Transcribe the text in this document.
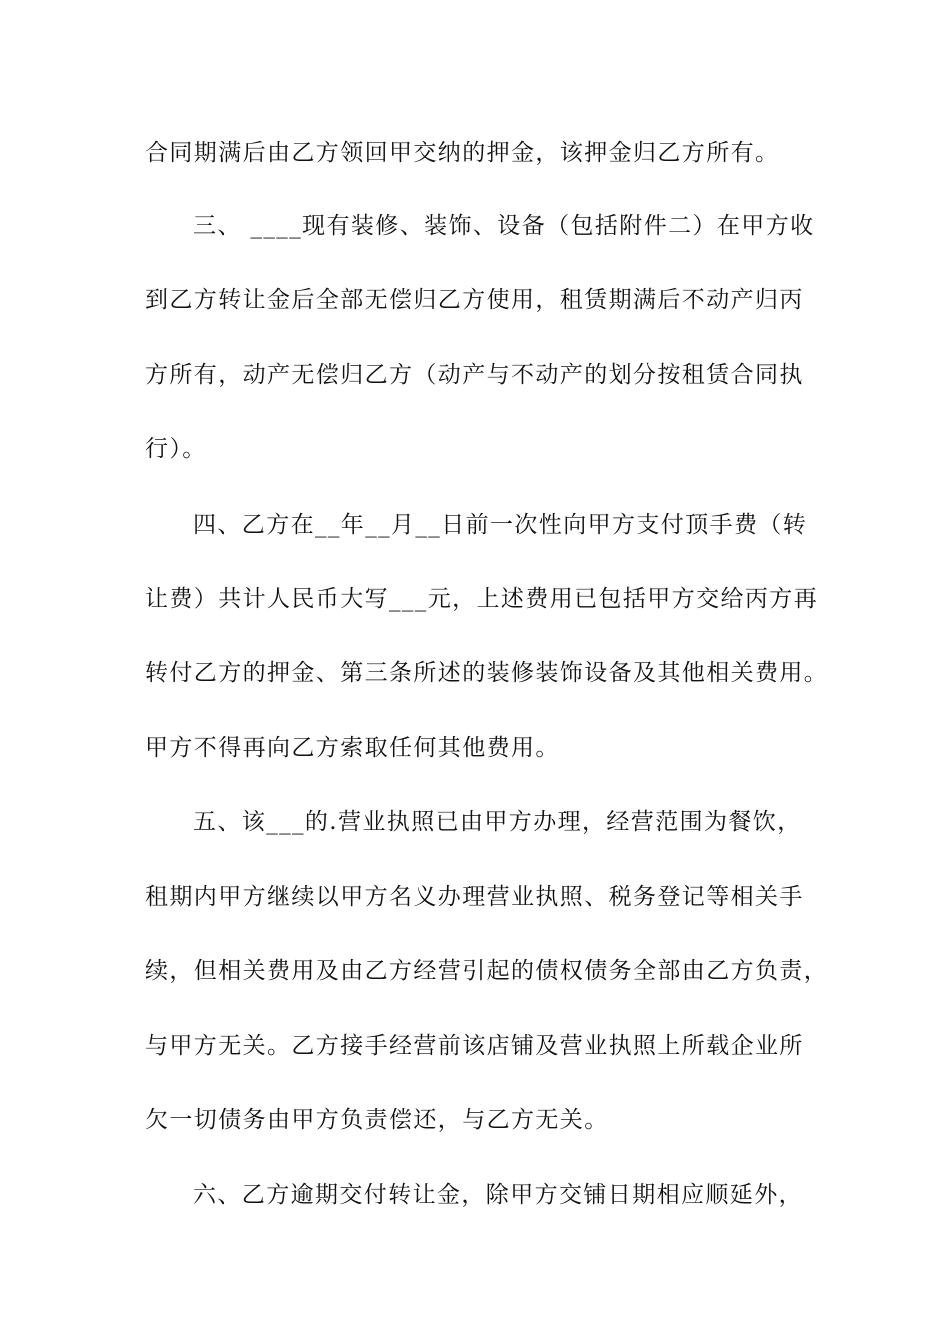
合同期满后由乙方领回甲交纳的押金，该押金归乙方所有。
三、 ____现有装修、装饰、设备（包括附件二）在甲方收
到乙方转让金后全部无偿归乙方使用，租赁期满后不动产归丙
方所有，动产无偿归乙方（动产与不动产的划分按租赁合同执
行）。
四、乙方在__年__月__日前一次性向甲方支付顶手费（转
让费）共计人民币大写___元，上述费用已包括甲方交给丙方再
转付乙方的押金、第三条所述的装修装饰设备及其他相关费用。
甲方不得再向乙方索取任何其他费用。
五、该___的.营业执照已由甲方办理，经营范围为餐饮，
租期内甲方继续以甲方名义办理营业执照、税务登记等相关手
续，但相关费用及由乙方经营引起的债权债务全部由乙方负责，
与甲方无关。乙方接手经营前该店铺及营业执照上所载企业所
欠一切债务由甲方负责偿还，与乙方无关。
六、乙方逾期交付转让金，除甲方交铺日期相应顺延外，
